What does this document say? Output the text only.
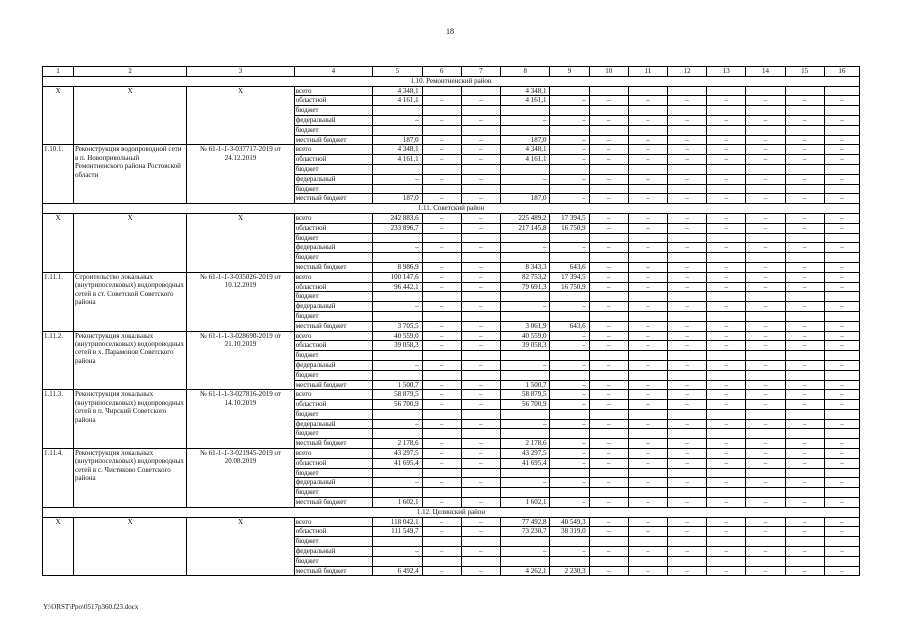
18
1	2	3	4	5	6	7	8	9	10	11	12	13	14	15	16
1.10. Ремонтненский район															
X	X	X	всего	4 348,1			4 348,1								
			областной	4 161,1	–	–	4 161,1	–	–	–	–	–	–	–	–
			бюджет												
			федеральный	–	–	–	–	–	–	–	–	–	–	–	–
			бюджет												
			местный бюджет	187,0	–	–	187,0	–	–	–	–	–	–	–	–
1.10.1.	Реконструкция водопроводной сети в п. Новопривольный Ремонтненского района Ростовской области	№ 61-1-1-3-037717-2019 от 24.12.2019	всего	4 348,1	–	–	4 348,1	–	–	–	–	–	–	–	–
			областной	4 161,1	–	–	4 161,1	–	–	–	–	–	–	–	–
			бюджет												
			федеральный	–	–	–	–	–	–	–	–	–	–	–	–
			бюджет												
			местный бюджет	187,0	–	–	187,0	–	–	–	–	–	–	–	–
1.11. Советский район															
X	X	X	всего	242 883,6	–	–	225 489,2	17 394,5	–	–	–	–	–	–	–
			областной	233 896,7	–	–	217 145,8	16 750,9	–	–	–	–	–	–	–
			бюджет												
			федеральный	–	–	–	–	–	–	–	–	–	–	–	–
			бюджет												
			местный бюджет	8 986,9	–	–	8 343,3	643,6	–	–	–	–	–	–	–
1.11.1.	Строительство локальных (внутрипоселковых) водопроводных сетей в ст. Советской Советского района	№ 61-1-1-3-035026-2019 от 10.12.2019	всего	100 147,6	–	–	82 753,2	17 394,5	–	–	–	–	–	–	–
			областной	96 442,1	–	–	79 691,3	16 750,9	–	–	–	–	–	–	–
			бюджет												
			федеральный	–	–	–	–	–	–	–	–	–	–	–	–
			бюджет												
			местный бюджет	3 705,5	–	–	3 061,9	643,6	–	–	–	–	–	–	–
1.11.2.	Реконструкция локальных (внутрипоселковых) водопроводных сетей в х. Парамонов Советского района	№ 61-1-1-3-028690-2019 от 21.10.2019	всего	40 559,0	–	–	40 559,0	–	–	–	–	–	–	–	–
			областной	39 058,3	–	–	39 058,3	–	–	–	–	–	–	–	–
			бюджет												
			федеральный	–	–	–	–	–	–	–	–	–	–	–	–
			бюджет												
			местный бюджет	1 500,7	–	–	1 500,7	–	–	–	–	–	–	–	–
1.11.3.	Реконструкция локальных (внутрипоселковых) водопроводных сетей в п. Чирский Советского района	№ 61-1-1-3-027816-2019 от 14.10.2019	всего	58 879,5	–	–	58 879,5	–	–	–	–	–	–	–	–
			областной	56 700,9	–	–	56 700,9	–	–	–	–	–	–	–	–
			бюджет												
			федеральный	–	–	–	–	–	–	–	–	–	–	–	–
			бюджет												
			местный бюджет	2 178,6	–	–	2 178,6	–	–	–	–	–	–	–	–
1.11.4.	Реконструкция локальных (внутрипоселковых) водопроводных сетей в с. Чистяково Советского района	№ 61-1-1-3-021945-2019 от 20.08.2019	всего	43 297,5	–	–	43 297,5	–	–	–	–	–	–	–	–
			областной	41 695,4	–	–	41 695,4	–	–	–	–	–	–	–	–
			бюджет												
			федеральный	–	–	–	–	–	–	–	–	–	–	–	–
			бюджет												
			местный бюджет	1 602,1	–	–	1 602,1	–	–	–	–	–	–	–	–
1.12. Целинский район															
X	X	X	всего	118 042,1	–	–	77 492,8	40 549,3	–	–	–	–	–	–	–
			областной	111 549,7	–	–	73 230,7	38 319,0	–	–	–	–	–	–	–
			бюджет												
			федеральный	–	–	–	–	–	–	–	–	–	–	–	–
			бюджет												
			местный бюджет	6 492,4	–	–	4 262,1	2 230,3	–	–	–	–	–	–	–
Y:\ORST\Ppo\0517p360.f23.docx
